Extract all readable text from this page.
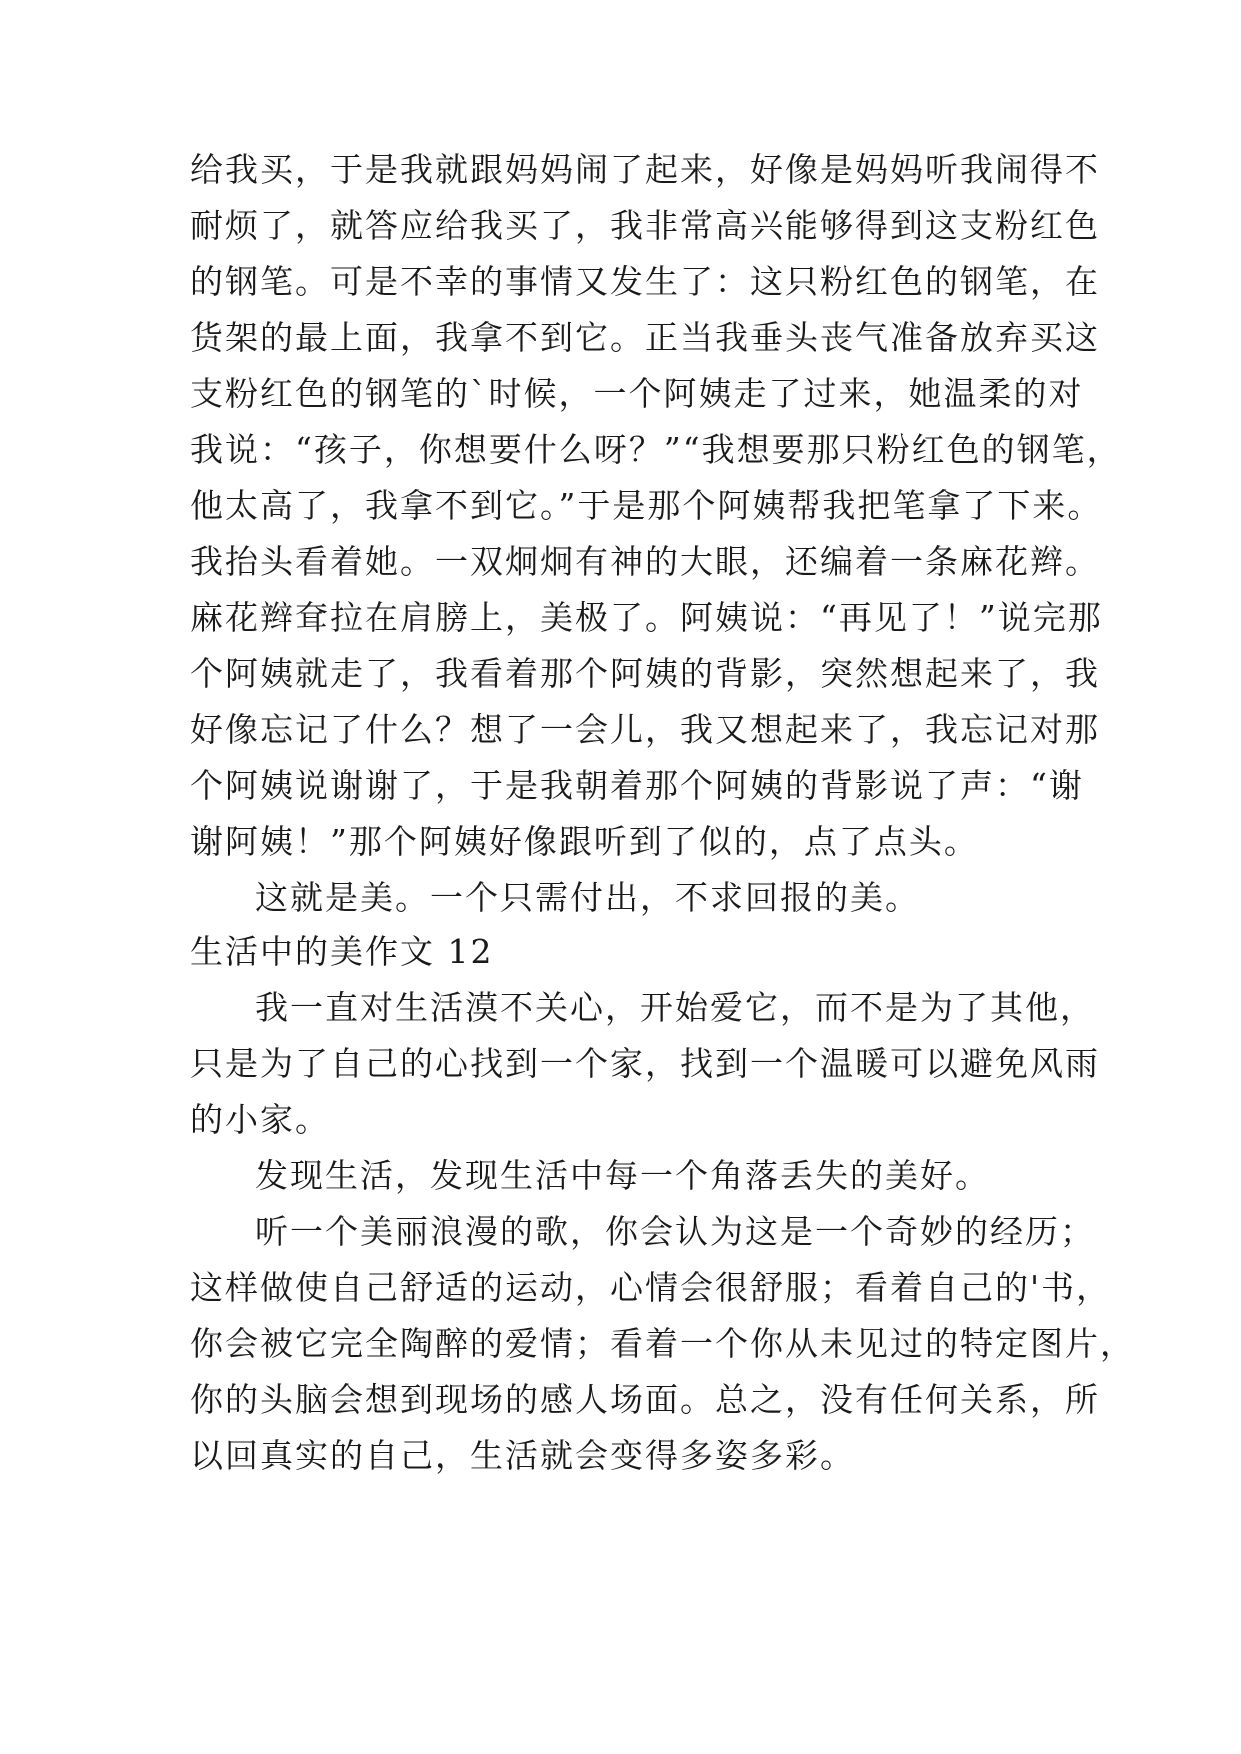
给我买，于是我就跟妈妈闹了起来，好像是妈妈听我闹得不
耐烦了，就答应给我买了，我非常高兴能够得到这支粉红色
的钢笔。可是不幸的事情又发生了：这只粉红色的钢笔，在
货架的最上面，我拿不到它。正当我垂头丧气准备放弃买这
支粉红色的钢笔的`时候，一个阿姨走了过来，她温柔的对
我说：“孩子，你想要什么呀？”“我想要那只粉红色的钢笔，
他太高了，我拿不到它。”于是那个阿姨帮我把笔拿了下来。
我抬头看着她。一双炯炯有神的大眼，还编着一条麻花辫。
麻花辫耷拉在肩膀上，美极了。阿姨说：“再见了！”说完那
个阿姨就走了，我看着那个阿姨的背影，突然想起来了，我
好像忘记了什么？想了一会儿，我又想起来了，我忘记对那
个阿姨说谢谢了，于是我朝着那个阿姨的背影说了声：“谢
谢阿姨！”那个阿姨好像跟听到了似的，点了点头。
这就是美。一个只需付出，不求回报的美。
生活中的美作文 12
我一直对生活漠不关心，开始爱它，而不是为了其他，
只是为了自己的心找到一个家，找到一个温暖可以避免风雨
的小家。
发现生活，发现生活中每一个角落丢失的美好。
听一个美丽浪漫的歌，你会认为这是一个奇妙的经历；
这样做使自己舒适的运动，心情会很舒服；看着自己的'书，
你会被它完全陶醉的爱情；看着一个你从未见过的特定图片，
你的头脑会想到现场的感人场面。总之，没有任何关系，所
以回真实的自己，生活就会变得多姿多彩。
